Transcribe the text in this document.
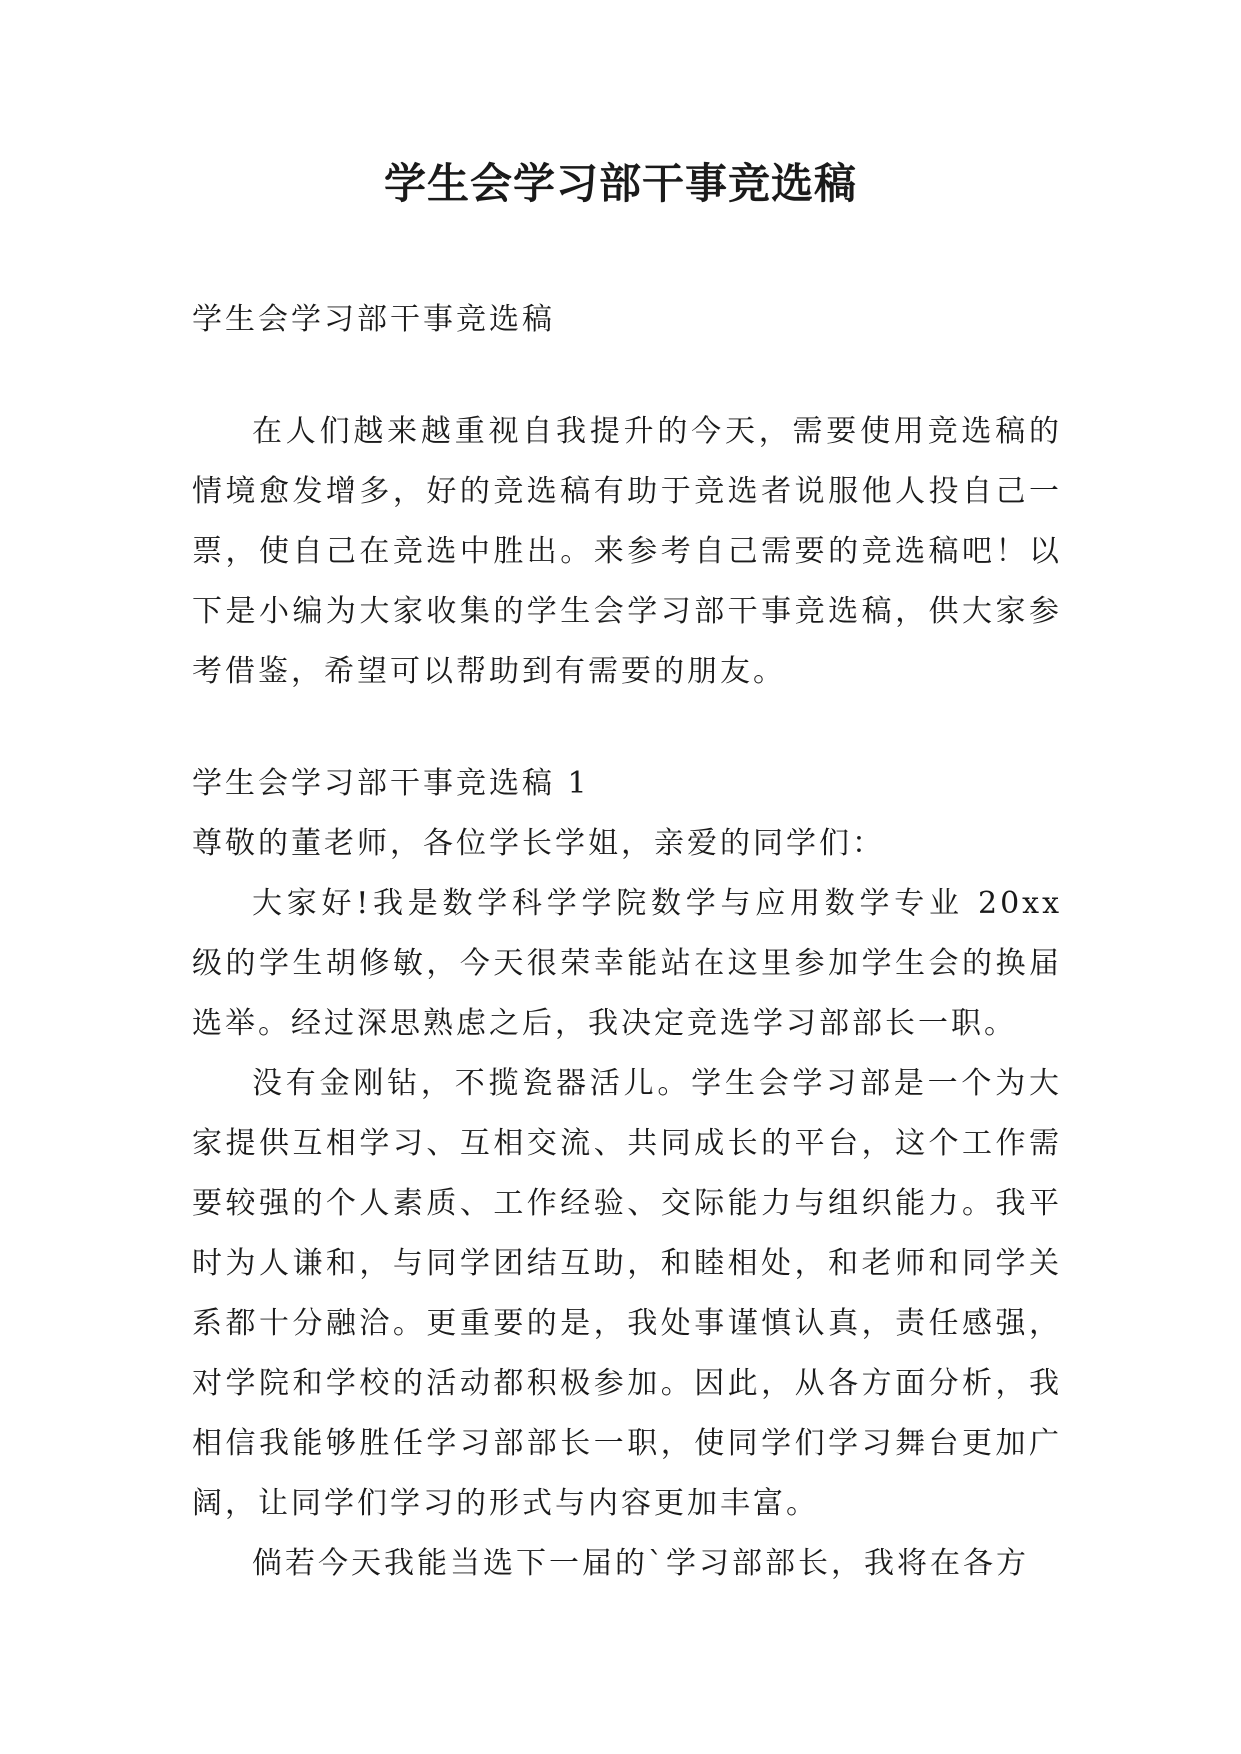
学生会学习部干事竞选稿

学生会学习部干事竞选稿

在人们越来越重视自我提升的今天，需要使用竞选稿的情境愈发增多，好的竞选稿有助于竞选者说服他人投自己一票，使自己在竞选中胜出。来参考自己需要的竞选稿吧！以下是小编为大家收集的学生会学习部干事竞选稿，供大家参考借鉴，希望可以帮助到有需要的朋友。

学生会学习部干事竞选稿 1

尊敬的董老师，各位学长学姐，亲爱的同学们：

大家好!我是数学科学学院数学与应用数学专业 20xx 级的学生胡修敏，今天很荣幸能站在这里参加学生会的换届选举。经过深思熟虑之后，我决定竞选学习部部长一职。

没有金刚钻，不揽瓷器活儿。学生会学习部是一个为大家提供互相学习、互相交流、共同成长的平台，这个工作需要较强的个人素质、工作经验、交际能力与组织能力。我平时为人谦和，与同学团结互助，和睦相处，和老师和同学关系都十分融洽。更重要的是，我处事谨慎认真，责任感强，对学院和学校的活动都积极参加。因此，从各方面分析，我相信我能够胜任学习部部长一职，使同学们学习舞台更加广阔，让同学们学习的形式与内容更加丰富。

倘若今天我能当选下一届的`学习部部长，我将在各方
